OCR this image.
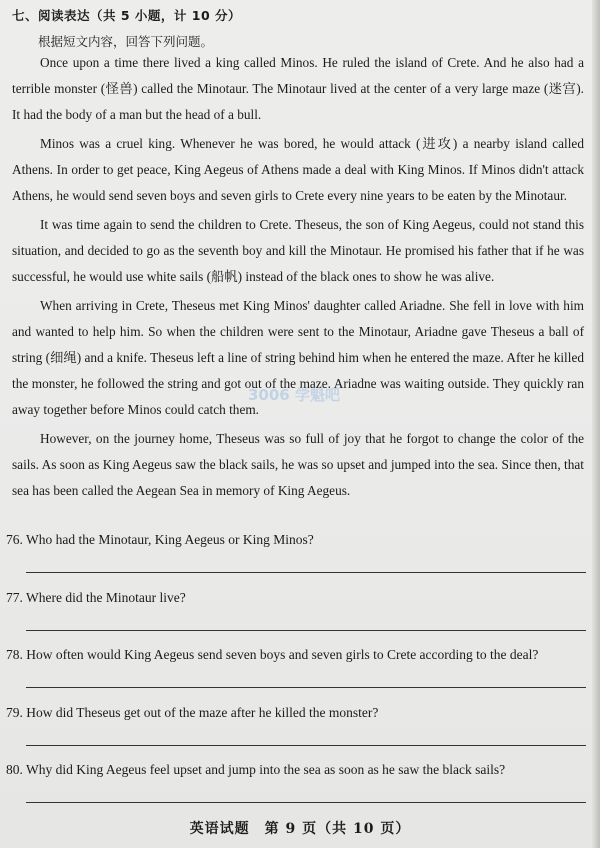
七、阅读表达（共 5 小题，计 10 分）
根据短文内容，回答下列问题。

Once upon a time there lived a king called Minos. He ruled the island of Crete. And he also had a terrible monster (怪兽) called the Minotaur. The Minotaur lived at the center of a very large maze (迷宫). It had the body of a man but the head of a bull.

Minos was a cruel king. Whenever he was bored, he would attack (进攻) a nearby island called Athens. In order to get peace, King Aegeus of Athens made a deal with King Minos. If Minos didn't attack Athens, he would send seven boys and seven girls to Crete every nine years to be eaten by the Minotaur.

It was time again to send the children to Crete. Theseus, the son of King Aegeus, could not stand this situation, and decided to go as the seventh boy and kill the Minotaur. He promised his father that if he was successful, he would use white sails (船帆) instead of the black ones to show he was alive.

When arriving in Crete, Theseus met King Minos' daughter called Ariadne. She fell in love with him and wanted to help him. So when the children were sent to the Minotaur, Ariadne gave Theseus a ball of string (细绳) and a knife. Theseus left a line of string behind him when he entered the maze. After he killed the monster, he followed the string and got out of the maze. Ariadne was waiting outside. They quickly ran away together before Minos could catch them.

However, on the journey home, Theseus was so full of joy that he forgot to change the color of the sails. As soon as King Aegeus saw the black sails, he was so upset and jumped into the sea. Since then, that sea has been called the Aegean Sea in memory of King Aegeus.

3006 学魁吧
76. Who had the Minotaur, King Aegeus or King Minos?
77. Where did the Minotaur live?
78. How often would King Aegeus send seven boys and seven girls to Crete according to the deal?
79. How did Theseus get out of the maze after he killed the monster?
80. Why did King Aegeus feel upset and jump into the sea as soon as he saw the black sails?
英语试题　第 9 页（共 10 页）
